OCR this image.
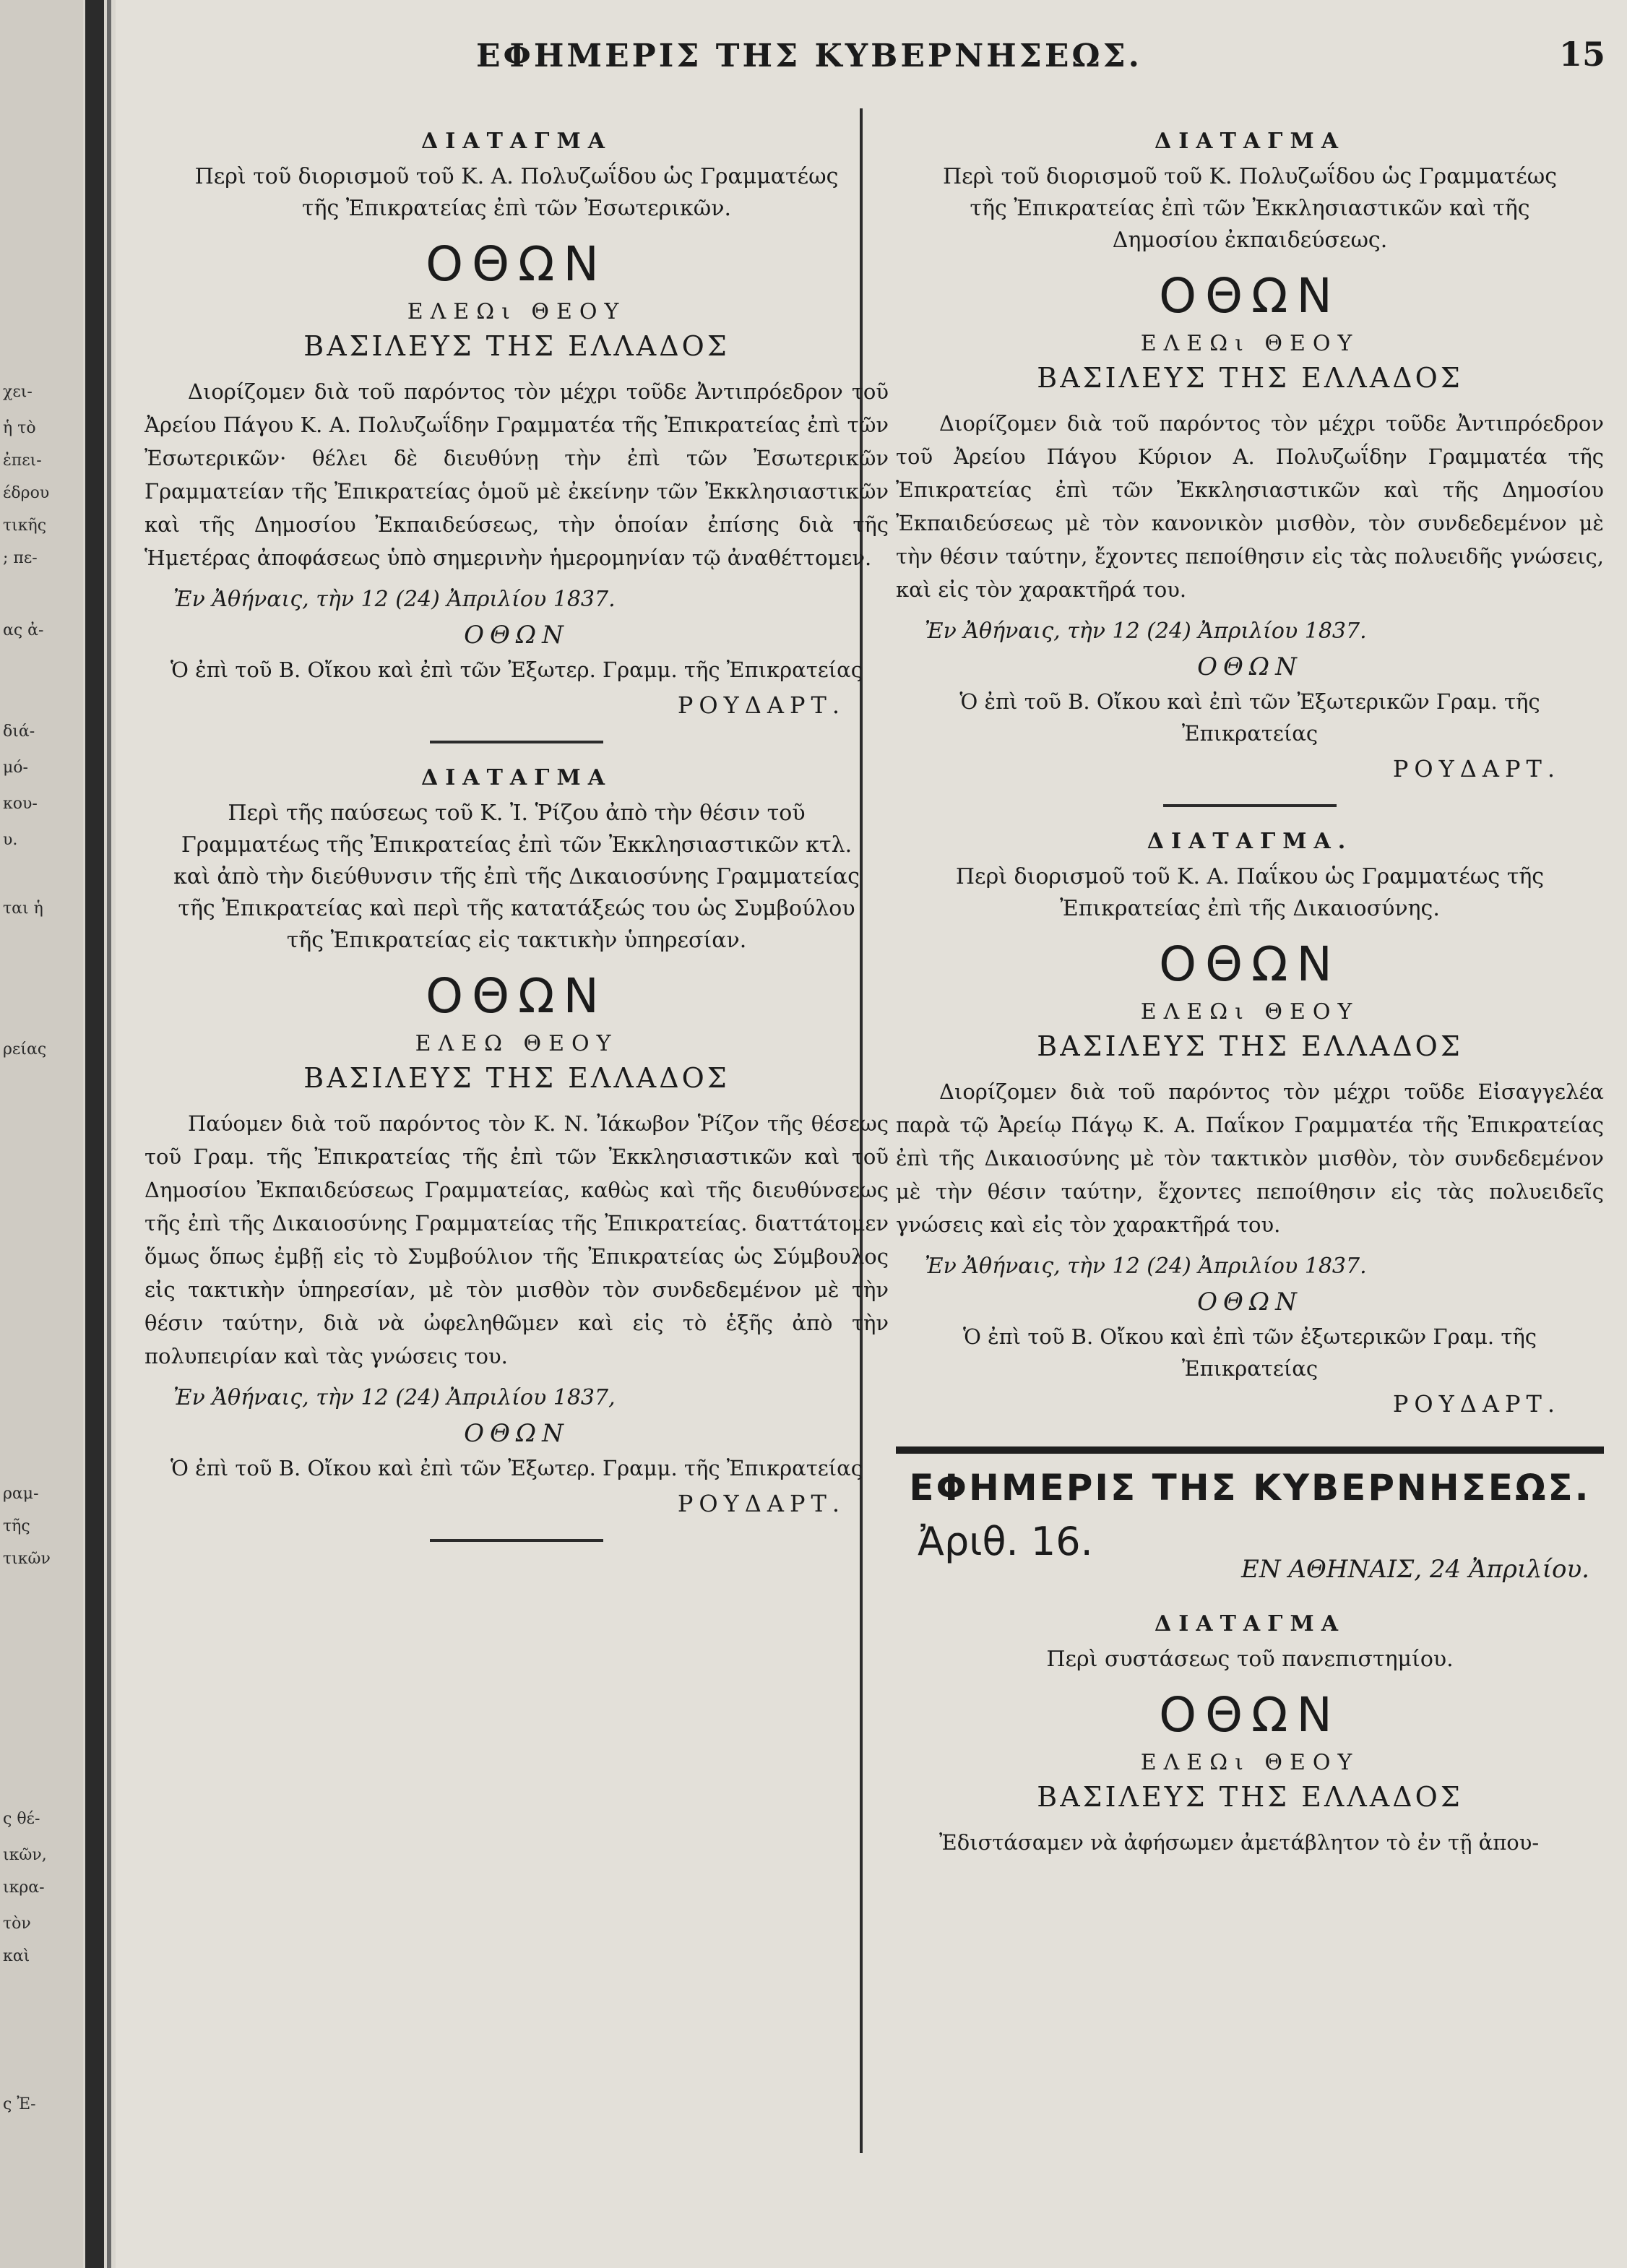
χει-
ἡ τὸ
ἐπει-
έδρου
τικῆς
; πε-
ας ἀ-
διά-
μό-
κου-
υ.
ται ἡ
ρείας
ραμ-
τῆς
τικῶν
ς θέ-
ικῶν,
ικρα-
τὸν
καὶ
ς Ἐ-
ΕΦΗΜΕΡΙΣ ΤΗΣ ΚΥΒΕΡΝΗΣΕΩΣ.	15
ΔΙΑΤΑΓΜΑ
Περὶ τοῦ διορισμοῦ τοῦ Κ. Α. Πολυζωΐδου ὡς Γραμματέως τῆς Ἐπικρατείας ἐπὶ τῶν Ἐσωτερικῶν.
ΟΘΩΝ
ΕΛΕΩι ΘΕΟΥ
ΒΑΣΙΛΕΥΣ ΤΗΣ ΕΛΛΑΔΟΣ

Διορίζομεν διὰ τοῦ παρόντος τὸν μέχρι τοῦδε Ἀντιπρόεδρον τοῦ Ἀρείου Πάγου Κ. Α. Πολυζωΐδην Γραμματέα τῆς Ἐπικρατείας ἐπὶ τῶν Ἐσωτερικῶν· θέλει δὲ διευθύνῃ τὴν ἐπὶ τῶν Ἐσωτερικῶν Γραμματείαν τῆς Ἐπικρατείας ὁμοῦ μὲ ἐκείνην τῶν Ἐκκλησιαστικῶν καὶ τῆς Δημοσίου Ἐκπαιδεύσεως, τὴν ὁποίαν ἐπίσης διὰ τῆς Ἡμετέρας ἀποφάσεως ὑπὸ σημερινὴν ἡμερομηνίαν τῷ ἀναθέττομεν.

Ἐν Ἀθήναις, τὴν 12 (24) Ἀπριλίου 1837.
ΟΘΩΝ
Ὁ ἐπὶ τοῦ Β. Οἴκου καὶ ἐπὶ τῶν Ἐξωτερ. Γραμμ. τῆς Ἐπικρατείας
ΡΟΥΔΑΡΤ.
ΔΙΑΤΑΓΜΑ
Περὶ τῆς παύσεως τοῦ Κ. Ἰ. Ῥίζου ἀπὸ τὴν θέσιν τοῦ Γραμματέως τῆς Ἐπικρατείας ἐπὶ τῶν Ἐκκλησιαστικῶν κτλ. καὶ ἀπὸ τὴν διεύθυνσιν τῆς ἐπὶ τῆς Δικαιοσύνης Γραμματείας τῆς Ἐπικρατείας καὶ περὶ τῆς κατατάξεώς του ὡς Συμβούλου τῆς Ἐπικρατείας εἰς τακτικὴν ὑπηρεσίαν.
ΟΘΩΝ
ΕΛΕΩ ΘΕΟΥ
ΒΑΣΙΛΕΥΣ ΤΗΣ ΕΛΛΑΔΟΣ

Παύομεν διὰ τοῦ παρόντος τὸν Κ. Ν. Ἰάκωβον Ῥίζον τῆς θέσεως τοῦ Γραμ. τῆς Ἐπικρατείας τῆς ἐπὶ τῶν Ἐκκλησιαστικῶν καὶ τοῦ Δημοσίου Ἐκπαιδεύσεως Γραμματείας, καθὼς καὶ τῆς διευθύνσεως τῆς ἐπὶ τῆς Δικαιοσύνης Γραμματείας τῆς Ἐπικρατείας. διαττάτομεν ὅμως ὅπως ἐμβῇ εἰς τὸ Συμβούλιον τῆς Ἐπικρατείας ὡς Σύμβουλος εἰς τακτικὴν ὑπηρεσίαν, μὲ τὸν μισθὸν τὸν συνδεδεμένον μὲ τὴν θέσιν ταύτην, διὰ νὰ ὠφεληθῶμεν καὶ εἰς τὸ ἑξῆς ἀπὸ τὴν πολυπειρίαν καὶ τὰς γνώσεις του.

Ἐν Ἀθήναις, τὴν 12 (24) Ἀπριλίου 1837,
ΟΘΩΝ
Ὁ ἐπὶ τοῦ Β. Οἴκου καὶ ἐπὶ τῶν Ἐξωτερ. Γραμμ. τῆς Ἐπικρατείας
ΡΟΥΔΑΡΤ.
ΔΙΑΤΑΓΜΑ
Περὶ τοῦ διορισμοῦ τοῦ Κ. Πολυζωΐδου ὡς Γραμματέως τῆς Ἐπικρατείας ἐπὶ τῶν Ἐκκλησιαστικῶν καὶ τῆς Δημοσίου ἐκπαιδεύσεως.
ΟΘΩΝ
ΕΛΕΩι ΘΕΟΥ
ΒΑΣΙΛΕΥΣ ΤΗΣ ΕΛΛΑΔΟΣ

Διορίζομεν διὰ τοῦ παρόντος τὸν μέχρι τοῦδε Ἀντιπρόεδρον τοῦ Ἀρείου Πάγου Κύριον Α. Πολυζωΐδην Γραμματέα τῆς Ἐπικρατείας ἐπὶ τῶν Ἐκκλησιαστικῶν καὶ τῆς Δημοσίου Ἐκπαιδεύσεως μὲ τὸν κανονικὸν μισθὸν, τὸν συνδεδεμένον μὲ τὴν θέσιν ταύτην, ἔχοντες πεποίθησιν εἰς τὰς πολυειδῆς γνώσεις, καὶ εἰς τὸν χαρακτῆρά του.

Ἐν Ἀθήναις, τὴν 12 (24) Ἀπριλίου 1837.
ΟΘΩΝ
Ὁ ἐπὶ τοῦ Β. Οἴκου καὶ ἐπὶ τῶν Ἐξωτερικῶν Γραμ. τῆς Ἐπικρατείας
ΡΟΥΔΑΡΤ.
ΔΙΑΤΑΓΜΑ.
Περὶ διορισμοῦ τοῦ Κ. Α. Παΐκου ὡς Γραμματέως τῆς Ἐπικρατείας ἐπὶ τῆς Δικαιοσύνης.
ΟΘΩΝ
ΕΛΕΩι ΘΕΟΥ
ΒΑΣΙΛΕΥΣ ΤΗΣ ΕΛΛΑΔΟΣ

Διορίζομεν διὰ τοῦ παρόντος τὸν μέχρι τοῦδε Εἰσαγγελέα παρὰ τῷ Ἀρείῳ Πάγῳ Κ. Α. Παΐκον Γραμματέα τῆς Ἐπικρατείας ἐπὶ τῆς Δικαιοσύνης μὲ τὸν τακτικὸν μισθὸν, τὸν συνδεδεμένον μὲ τὴν θέσιν ταύτην, ἔχοντες πεποίθησιν εἰς τὰς πολυειδεῖς γνώσεις καὶ εἰς τὸν χαρακτῆρά του.

Ἐν Ἀθήναις, τὴν 12 (24) Ἀπριλίου 1837.
ΟΘΩΝ
Ὁ ἐπὶ τοῦ Β. Οἴκου καὶ ἐπὶ τῶν ἐξωτερικῶν Γραμ. τῆς Ἐπικρατείας
ΡΟΥΔΑΡΤ.
ΕΦΗΜΕΡΙΣ ΤΗΣ ΚΥΒΕΡΝΗΣΕΩΣ.
Ἀριθ. 16.
ΕΝ ΑΘΗΝΑΙΣ, 24 Ἀπριλίου.
ΔΙΑΤΑΓΜΑ
Περὶ συστάσεως τοῦ πανεπιστημίου.
ΟΘΩΝ
ΕΛΕΩι ΘΕΟΥ
ΒΑΣΙΛΕΥΣ ΤΗΣ ΕΛΛΑΔΟΣ

Ἐδιστάσαμεν νὰ ἀφήσωμεν ἀμετάβλητον τὸ ἐν τῇ ἀπου-
